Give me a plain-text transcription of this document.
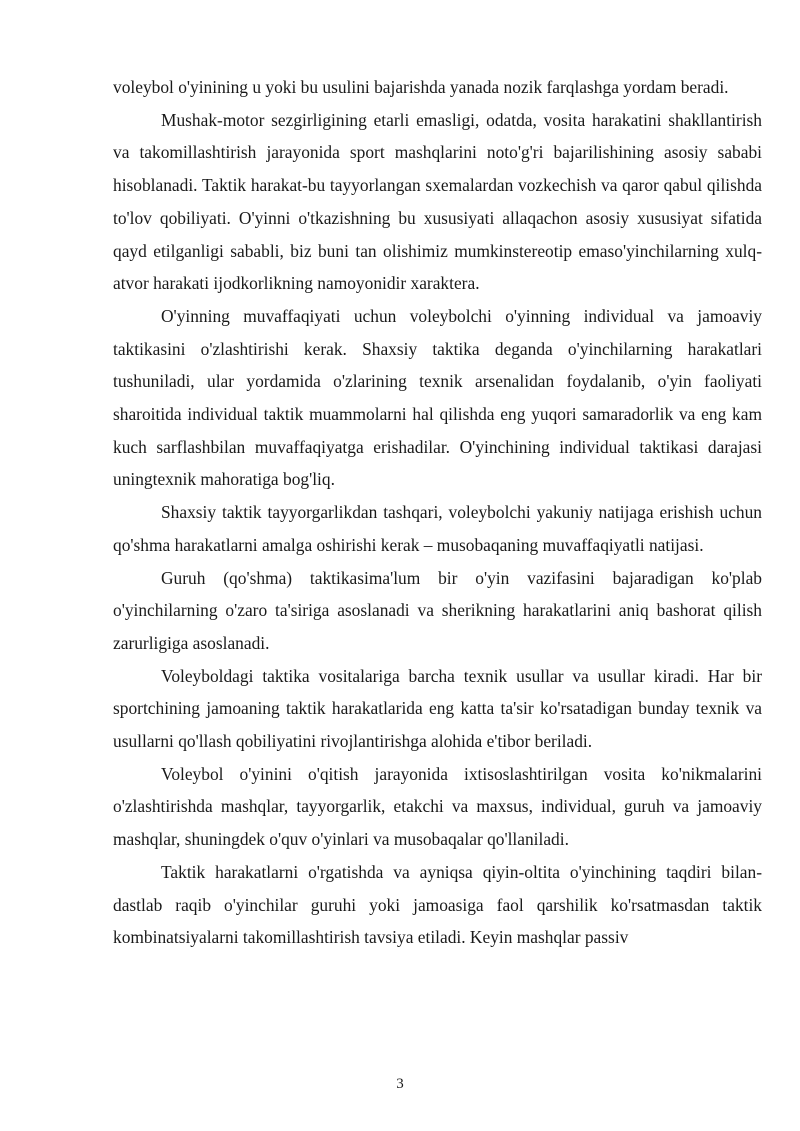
voleybol o'yinining u yoki bu usulini bajarishda yanada nozik farqlashga yordam beradi.

Mushak-motor sezgirligining etarli emasligi, odatda, vosita harakatini shakllantirish va takomillashtirish jarayonida sport mashqlarini noto'g'ri bajarilishining asosiy sababi hisoblanadi. Taktik harakat-bu tayyorlangan sxemalardan vozkechish va qaror qabul qilishda to'lov qobiliyati. O'yinni o'tkazishning bu xususiyati allaqachon asosiy xususiyat sifatida qayd etilganligi sababli, biz buni tan olishimiz mumkinstereotip emaso'yinchilarning xulq-atvor harakati ijodkorlikning namoyonidir xaraktera.

O'yinning muvaffaqiyati uchun voleybolchi o'yinning individual va jamoaviy taktikasini o'zlashtirishi kerak. Shaxsiy taktika deganda o'yinchilarning harakatlari tushuniladi, ular yordamida o'zlarining texnik arsenalidan foydalanib, o'yin faoliyati sharoitida individual taktik muammolarni hal qilishda eng yuqori samaradorlik va eng kam kuch sarflashbilan muvaffaqiyatga erishadilar. O'yinchining individual taktikasi darajasi uningtexnik mahoratiga bog'liq.

Shaxsiy taktik tayyorgarlikdan tashqari, voleybolchi yakuniy natijaga erishish uchun qo'shma harakatlarni amalga oshirishi kerak – musobaqaning muvaffaqiyatli natijasi.

Guruh (qo'shma) taktikasima'lum bir o'yin vazifasini bajaradigan ko'plab o'yinchilarning o'zaro ta'siriga asoslanadi va sherikning harakatlarini aniq bashorat qilish zarurligiga asoslanadi.

Voleyboldagi taktika vositalariga barcha texnik usullar va usullar kiradi. Har bir sportchining jamoaning taktik harakatlarida eng katta ta'sir ko'rsatadigan bunday texnik va usullarni qo'llash qobiliyatini rivojlantirishga alohida e'tibor beriladi.

Voleybol o'yinini o'qitish jarayonida ixtisoslashtirilgan vosita ko'nikmalarini o'zlashtirishda mashqlar, tayyorgarlik, etakchi va maxsus, individual, guruh va jamoaviy mashqlar, shuningdek o'quv o'yinlari va musobaqalar qo'llaniladi.

Taktik harakatlarni o'rgatishda va ayniqsa qiyin-oltita o'yinchining taqdiri bilan-dastlab raqib o'yinchilar guruhi yoki jamoasiga faol qarshilik ko'rsatmasdan taktik kombinatsiyalarni takomillashtirish tavsiya etiladi. Keyin mashqlar passiv

3
